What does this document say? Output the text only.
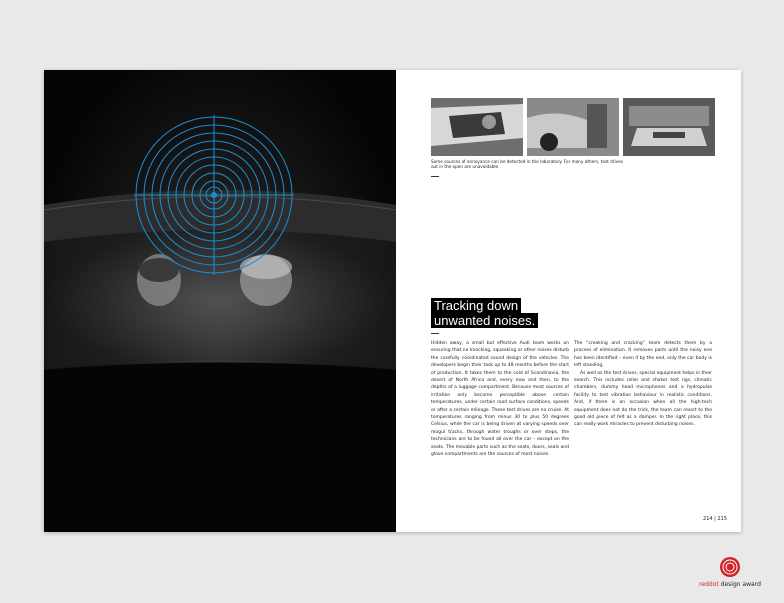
Some sources of annoyance can be detected in the laboratory. For many others, test drives out in the open are unavoidable.
Tracking down
unwanted noises.

Hidden away, a small but effective Audi team works on ensuring that no knocking, squeaking or other noises disturb the carefully coordinated sound design of the vehicles. The developers begin their task up to 48 months before the start of production. It takes them to the cold of Scandinavia, the desert of North Africa and, every now and then, to the depths of a luggage compartment. Because most sources of irritation only become perceptible above certain temperatures, under certain road surface conditions, speeds or after a certain mileage. These test drives are no cruise. At temperatures ranging from minus 30 to plus 50 degrees Celsius, while the car is being driven at varying speeds over mogul tracks, through water troughs or over steps, the technicians are to be found all over the car – except on the seats. The movable parts such as the seats, doors, seals and glove compartments are the sources of most noises.

The “creaking and cracking” team detects them by a process of elimination. It removes parts until the noisy one has been identified – even if by the end, only the car body is left standing.

As well as the test drives, special equipment helps in their search. This includes roller and shaker test rigs, climatic chambers, dummy head microphones and a hydropulse facility to test vibration behaviour in realistic conditions. And, if there is an occasion when all the high-tech equipment does not do the trick, the team can resort to the good old piece of felt as a damper. In the right place, this can really work miracles to prevent disturbing noises.

214 | 215
reddot design award
